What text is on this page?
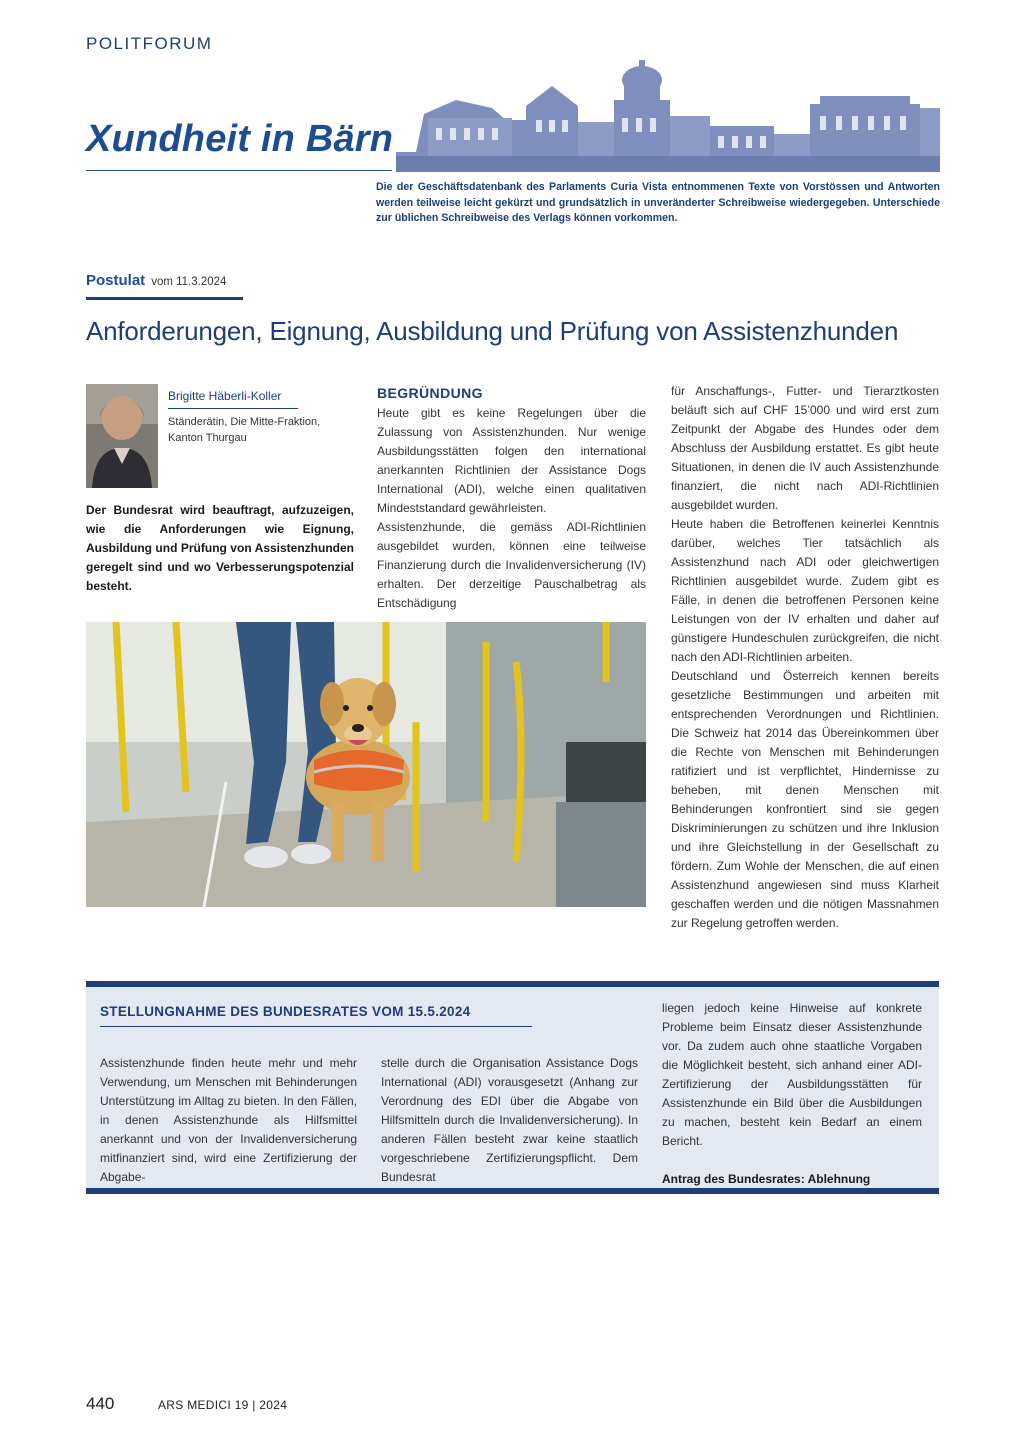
POLITFORUM
Xundheit in Bärn
Die der Geschäftsdatenbank des Parlaments Curia Vista entnommenen Texte von Vorstössen und Antworten werden teilweise leicht gekürzt und grundsätzlich in unveränderter Schreibweise wiedergegeben. Unterschiede zur üblichen Schreibweise des Verlags können vorkommen.
Postulat vom 11.3.2024
Anforderungen, Eignung, Ausbildung und Prüfung von Assistenzhunden
Brigitte Häberli-Koller
Ständerätin, Die Mitte-Fraktion,
Kanton Thurgau
Der Bundesrat wird beauftragt, aufzuzeigen, wie die Anforderungen wie Eignung, Ausbildung und Prüfung von Assistenzhunden geregelt sind und wo Verbesserungspotenzial besteht.
BEGRÜNDUNG

Heute gibt es keine Regelungen über die Zulassung von Assistenzhunden. Nur wenige Ausbildungsstätten folgen den international anerkannten Richtlinien der Assistance Dogs International (ADI), welche einen qualitativen Mindeststandard gewährleisten.

Assistenzhunde, die gemäss ADI-Richtlinien ausgebildet wurden, können eine teilweise Finanzierung durch die Invalidenversicherung (IV) erhalten. Der derzeitige Pauschalbetrag als Entschädigung

für Anschaffungs-, Futter- und Tierarztkosten beläuft sich auf CHF 15’000 und wird erst zum Zeitpunkt der Abgabe des Hundes oder dem Abschluss der Ausbildung erstattet. Es gibt heute Situationen, in denen die IV auch Assistenzhunde finanziert, die nicht nach ADI-Richtlinien ausgebildet wurden.

Heute haben die Betroffenen keinerlei Kenntnis darüber, welches Tier tatsächlich als Assistenzhund nach ADI oder gleichwertigen Richtlinien ausgebildet wurde. Zudem gibt es Fälle, in denen die betroffenen Personen keine Leistungen von der IV erhalten und daher auf günstigere Hundeschulen zurückgreifen, die nicht nach den ADI-Richtlinien arbeiten.

Deutschland und Österreich kennen bereits gesetzliche Bestimmungen und arbeiten mit entsprechenden Verordnungen und Richtlinien. Die Schweiz hat 2014 das Übereinkommen über die Rechte von Menschen mit Behinderungen ratifiziert und ist verpflichtet, Hindernisse zu beheben, mit denen Menschen mit Behinderungen konfrontiert sind sie gegen Diskriminierungen zu schützen und ihre Inklusion und ihre Gleichstellung in der Gesellschaft zu fördern. Zum Wohle der Menschen, die auf einen Assistenzhund angewiesen sind muss Klarheit geschaffen werden und die nötigen Massnahmen zur Regelung getroffen werden.

STELLUNGNAHME DES BUNDESRATES VOM 15.5.2024
Assistenzhunde finden heute mehr und mehr Verwendung, um Menschen mit Behinderungen Unterstützung im Alltag zu bieten. In den Fällen, in denen Assistenzhunde als Hilfsmittel anerkannt und von der Invalidenversicherung mitfinanziert sind, wird eine Zertifizierung der Abgabe-
stelle durch die Organisation Assistance Dogs International (ADI) vorausgesetzt (Anhang zur Verordnung des EDI über die Abgabe von Hilfsmitteln durch die Invalidenversicherung). In anderen Fällen besteht zwar keine staatlich vorgeschriebene Zertifizierungspflicht. Dem Bundesrat
liegen jedoch keine Hinweise auf konkrete Probleme beim Einsatz dieser Assistenzhunde vor. Da zudem auch ohne staatliche Vorgaben die Möglichkeit besteht, sich anhand einer ADI-Zertifizierung der Ausbildungsstätten für Assistenzhunde ein Bild über die Ausbildungen zu machen, besteht kein Bedarf an einem Bericht.
Antrag des Bundesrates: Ablehnung
440	ARS MEDICI 19 | 2024
